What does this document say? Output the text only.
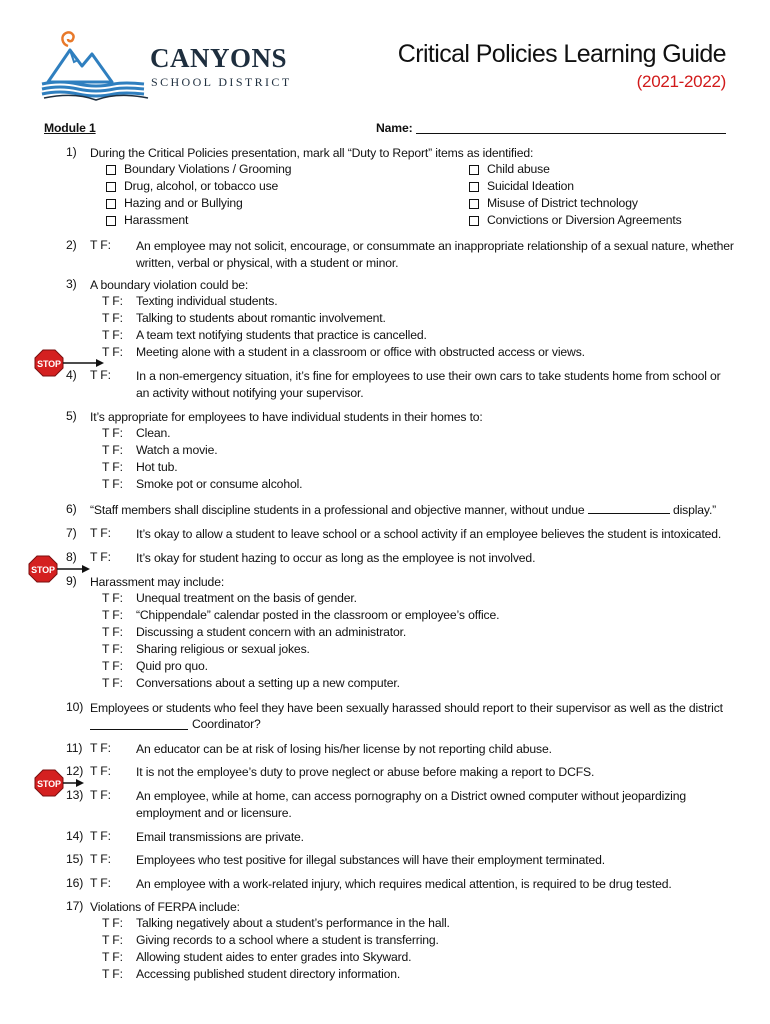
CANYONS
SCHOOL DISTRICT
Critical Policies Learning Guide
(2021-2022)
Module 1	Name:
1) During the Critical Policies presentation, mark all “Duty to Report” items as identified:
Boundary Violations / Grooming
Drug, alcohol, or tobacco use
Hazing and or Bullying
Harassment
Child abuse
Suicidal Ideation
Misuse of District technology
Convictions or Diversion Agreements
2) T F: An employee may not solicit, encourage, or consummate an inappropriate relationship of a sexual nature, whether written, verbal or physical, with a student or minor.
3) A boundary violation could be:
T F: Texting individual students.
T F: Talking to students about romantic involvement.
T F: A team text notifying students that practice is cancelled.
T F: Meeting alone with a student in a classroom or office with obstructed access or views.
STOP
4) T F: In a non-emergency situation, it’s fine for employees to use their own cars to take students home from school or an activity without notifying your supervisor.
5) It’s appropriate for employees to have individual students in their homes to:
T F: Clean.
T F: Watch a movie.
T F: Hot tub.
T F: Smoke pot or consume alcohol.
6) “Staff members shall discipline students in a professional and objective manner, without undue	display.”
7) T F: It’s okay to allow a student to leave school or a school activity if an employee believes the student is intoxicated.
STOP
8) T F: It’s okay for student hazing to occur as long as the employee is not involved.
9) Harassment may include:
T F: Unequal treatment on the basis of gender.
T F: “Chippendale” calendar posted in the classroom or employee’s office.
T F: Discussing a student concern with an administrator.
T F: Sharing religious or sexual jokes.
T F: Quid pro quo.
T F: Conversations about a setting up a new computer.
10) Employees or students who feel they have been sexually harassed should report to their supervisor as well as the district
Coordinator?
11) T F: An educator can be at risk of losing his/her license by not reporting child abuse.
STOP
12) T F: It is not the employee’s duty to prove neglect or abuse before making a report to DCFS.
13) T F: An employee, while at home, can access pornography on a District owned computer without jeopardizing employment and or licensure.
14) T F: Email transmissions are private.
15) T F: Employees who test positive for illegal substances will have their employment terminated.
16) T F: An employee with a work-related injury, which requires medical attention, is required to be drug tested.
17) Violations of FERPA include:
T F: Talking negatively about a student’s performance in the hall.
T F: Giving records to a school where a student is transferring.
T F: Allowing student aides to enter grades into Skyward.
T F: Accessing published student directory information.
